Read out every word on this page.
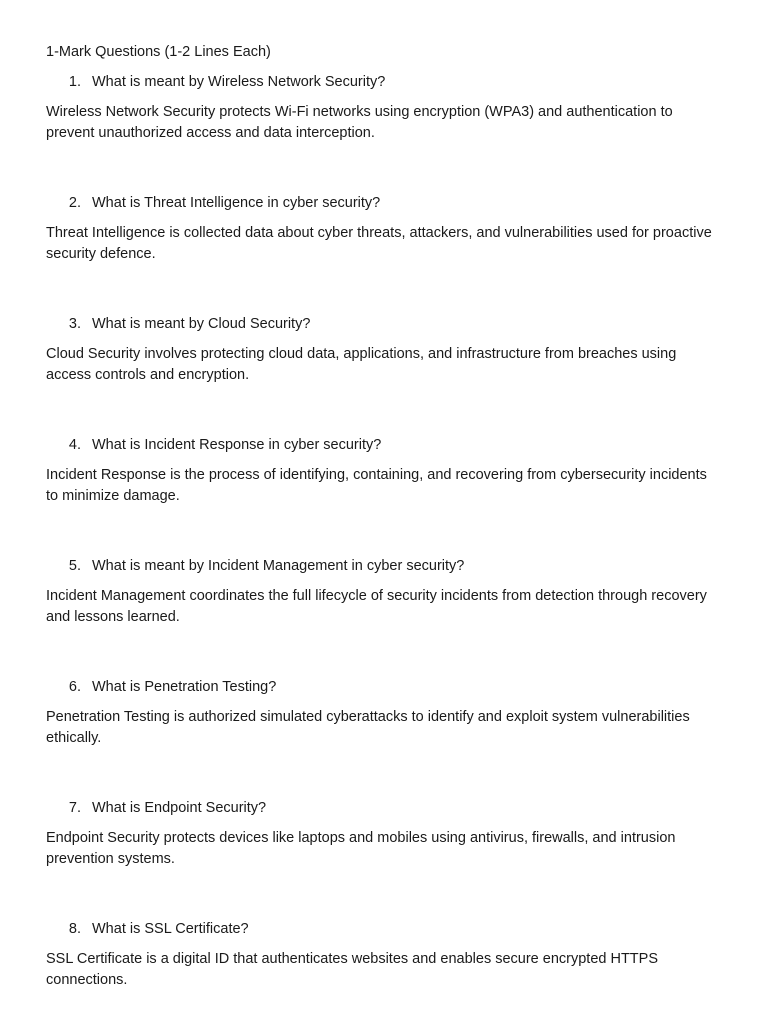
1-Mark Questions (1-2 Lines Each)

1. What is meant by Wireless Network Security?

Wireless Network Security protects Wi-Fi networks using encryption (WPA3) and authentication to prevent unauthorized access and data interception.

2. What is Threat Intelligence in cyber security?

Threat Intelligence is collected data about cyber threats, attackers, and vulnerabilities used for proactive security defence.

3. What is meant by Cloud Security?

Cloud Security involves protecting cloud data, applications, and infrastructure from breaches using access controls and encryption.

4. What is Incident Response in cyber security?

Incident Response is the process of identifying, containing, and recovering from cybersecurity incidents to minimize damage.

5. What is meant by Incident Management in cyber security?

Incident Management coordinates the full lifecycle of security incidents from detection through recovery and lessons learned.

6. What is Penetration Testing?

Penetration Testing is authorized simulated cyberattacks to identify and exploit system vulnerabilities ethically.

7. What is Endpoint Security?

Endpoint Security protects devices like laptops and mobiles using antivirus, firewalls, and intrusion prevention systems.

8. What is SSL Certificate?

SSL Certificate is a digital ID that authenticates websites and enables secure encrypted HTTPS connections.
